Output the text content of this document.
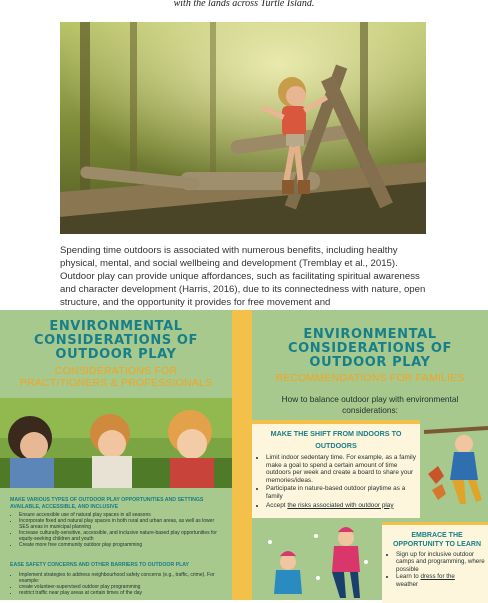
with the lands across Turtle Island.
Spending time outdoors is associated with numerous benefits, including healthy physical, mental, and social wellbeing and development (Tremblay et al., 2015). Outdoor play can provide unique affordances, such as facilitating spiritual awareness and character development (Harris, 2016), due to its connectedness with nature, open structure, and the opportunity it provides for free movement and
ENVIRONMENTAL
CONSIDERATIONS OF
OUTDOOR PLAY
CONSIDERATIONS FOR
PRACTITIONERS & PROFESSIONALS
MAKE VARIOUS TYPES OF OUTDOOR PLAY OPPORTUNITIES AND SETTINGS AVAILABLE, ACCESSIBLE, AND INCLUSIVE
• Ensure accessible use of natural play spaces in all seasons
• Incorporate fixed and natural play spaces in both rural and urban areas, as well as lower SES areas in municipal planning
• Increase culturally-sensitive, accessible, and inclusive nature-based play opportunities for equity-seeking children and youth
• Create more free community outdoor play programming
EASE SAFETY CONCERNS AND OTHER BARRIERS TO OUTDOOR PLAY
• Implement strategies to address neighbourhood safety concerns (e.g., traffic, crime). For example:
• create volunteer-supervised outdoor play programming
• restrict traffic near play areas at certain times of the day
ENVIRONMENTAL
CONSIDERATIONS OF
OUTDOOR PLAY
RECOMMENDATIONS FOR FAMILIES
How to balance outdoor play with environmental considerations:
MAKE THE SHIFT FROM INDOORS TO
OUTDOORS
• Limit indoor sedentary time. For example, as a family make a goal to spend a certain amount of time outdoors per week and create a board to share your memories/ideas.
• Participate in nature-based outdoor playtime as a family
• Accept the risks associated with outdoor play
EMBRACE THE
OPPORTUNITY TO LEARN
• Sign up for inclusive outdoor camps and programming, where possible
• Learn to dress for the
weather
